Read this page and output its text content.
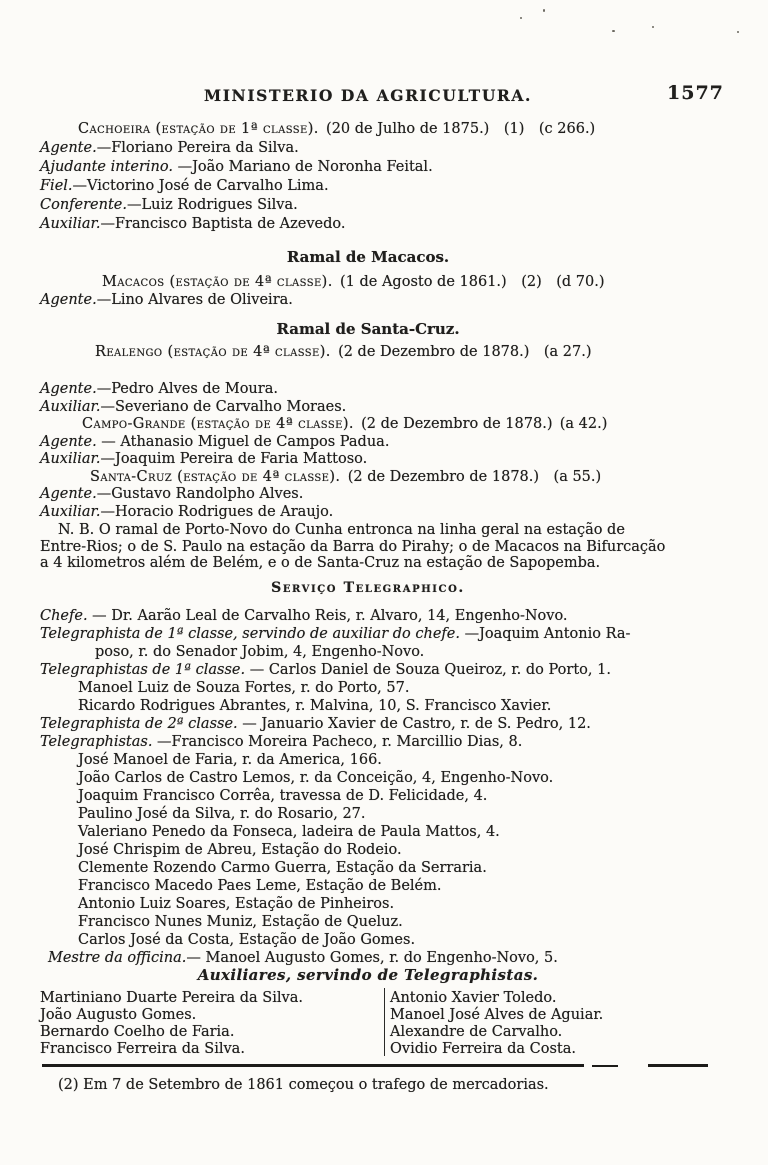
MINISTERIO DA AGRICULTURA.	1577
Cachoeira (estação de 1ª classe). (20 de Julho de 1875.)  (1)  (c 266.)
Agente.—Floriano Pereira da Silva.
Ajudante interino. —João Mariano de Noronha Feital.
Fiel.—Victorino José de Carvalho Lima.
Conferente.—Luiz Rodrigues Silva.
Auxiliar.—Francisco Baptista de Azevedo.
Ramal de Macacos.
Macacos (estação de 4ª classe). (1 de Agosto de 1861.)  (2)  (d 70.)
Agente.—Lino Alvares de Oliveira.
Ramal de Santa-Cruz.
Realengo (estação de 4ª classe). (2 de Dezembro de 1878.)  (a 27.)
Agente.—Pedro Alves de Moura.
Auxiliar.—Severiano de Carvalho Moraes.
Campo-Grande (estação de 4ª classe). (2 de Dezembro de 1878.) (a 42.)
Agente. — Athanasio Miguel de Campos Padua.
Auxiliar.—Joaquim Pereira de Faria Mattoso.
Santa-Cruz (estação de 4ª classe). (2 de Dezembro de 1878.)  (a 55.)
Agente.—Gustavo Randolpho Alves.
Auxiliar.—Horacio Rodrigues de Araujo.
N. B. O ramal de Porto-Novo do Cunha entronca na linha geral na estação de
Entre-Rios; o de S. Paulo na estação da Barra do Pirahy; o de Macacos na Bifurcação
a 4 kilometros além de Belém, e o de Santa-Cruz na estação de Sapopemba.
Serviço Telegraphico.
Chefe. — Dr. Aarão Leal de Carvalho Reis, r. Alvaro, 14, Engenho-Novo.
Telegraphista de 1ª classe, servindo de auxiliar do chefe. —Joaquim Antonio Ra-
poso, r. do Senador Jobim, 4, Engenho-Novo.
Telegraphistas de 1ª classe. — Carlos Daniel de Souza Queiroz, r. do Porto, 1.
Manoel Luiz de Souza Fortes, r. do Porto, 57.
Ricardo Rodrigues Abrantes, r. Malvina, 10, S. Francisco Xavier.
Telegraphista de 2ª classe. — Januario Xavier de Castro, r. de S. Pedro, 12.
Telegraphistas. —Francisco Moreira Pacheco, r. Marcillio Dias, 8.
José Manoel de Faria, r. da America, 166.
João Carlos de Castro Lemos, r. da Conceição, 4, Engenho-Novo.
Joaquim Francisco Corrêa, travessa de D. Felicidade, 4.
Paulino José da Silva, r. do Rosario, 27.
Valeriano Penedo da Fonseca, ladeira de Paula Mattos, 4.
José Chrispim de Abreu, Estação do Rodeio.
Clemente Rozendo Carmo Guerra, Estação da Serraria.
Francisco Macedo Paes Leme, Estação de Belém.
Antonio Luiz Soares, Estação de Pinheiros.
Francisco Nunes Muniz, Estação de Queluz.
Carlos José da Costa, Estação de João Gomes.
Mestre da officina.— Manoel Augusto Gomes, r. do Engenho-Novo, 5.
Auxiliares, servindo de Telegraphistas.
Martiniano Duarte Pereira da Silva.
João Augusto Gomes.
Bernardo Coelho de Faria.
Francisco Ferreira da Silva.
Antonio Xavier Toledo.
Manoel José Alves de Aguiar.
Alexandre de Carvalho.
Ovidio Ferreira da Costa.
(2) Em 7 de Setembro de 1861 começou o trafego de mercadorias.
